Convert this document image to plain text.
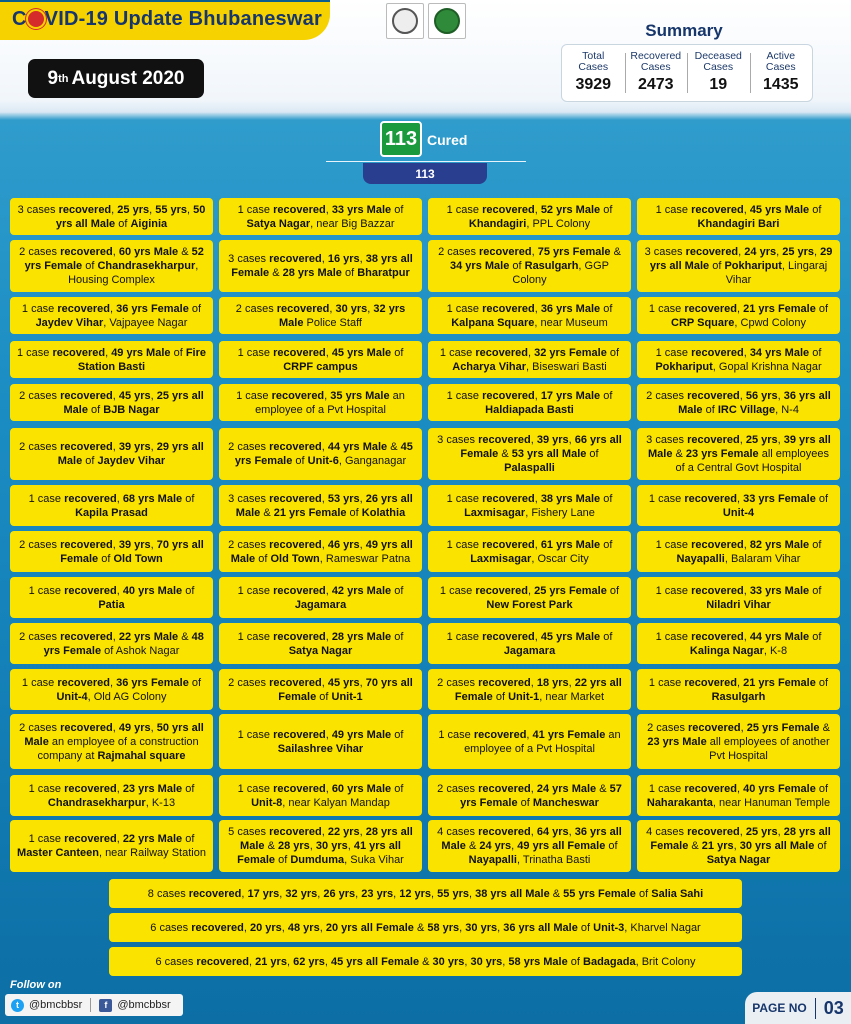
C VID-19 Update Bhubaneswar
9 th August 2020
Summary
Total
Cases
3929
Recovered
Cases
2473
Deceased
Cases
19
Active
Cases
1435
113 Cured
113
3 cases recovered, 25 yrs, 55 yrs, 50 yrs all Male of Aiginia
1 case recovered, 33 yrs Male of Satya Nagar, near Big Bazzar
1 case recovered, 52 yrs Male of Khandagiri, PPL Colony
1 case recovered, 45 yrs Male of Khandagiri Bari
2 cases recovered, 60 yrs Male & 52 yrs Female of Chandrasekharpur, Housing Complex
3 cases recovered, 16 yrs, 38 yrs all Female & 28 yrs Male of Bharatpur
2 cases recovered, 75 yrs Female & 34 yrs Male of Rasulgarh, GGP Colony
3 cases recovered, 24 yrs, 25 yrs, 29 yrs all Male of Pokhariput, Lingaraj Vihar
1 case recovered, 36 yrs Female of Jaydev Vihar, Vajpayee Nagar
2 cases recovered, 30 yrs, 32 yrs Male Police Staff
1 case recovered, 36 yrs Male of Kalpana Square, near Museum
1 case recovered, 21 yrs Female of CRP Square, Cpwd Colony
1 case recovered, 49 yrs Male of Fire Station Basti
1 case recovered, 45 yrs Male of CRPF campus
1 case recovered, 32 yrs Female of Acharya Vihar, Biseswari Basti
1 case recovered, 34 yrs Male of Pokhariput, Gopal Krishna Nagar
2 cases recovered, 45 yrs, 25 yrs all Male of BJB Nagar
1 case recovered, 35 yrs Male an employee of a Pvt Hospital
1 case recovered, 17 yrs Male of Haldiapada Basti
2 cases recovered, 56 yrs, 36 yrs all Male of IRC Village, N-4
2 cases recovered, 39 yrs, 29 yrs all Male of Jaydev Vihar
2 cases recovered, 44 yrs Male & 45 yrs Female of Unit-6, Ganganagar
3 cases recovered, 39 yrs, 66 yrs all Female & 53 yrs all Male of Palaspalli
3 cases recovered, 25 yrs, 39 yrs all Male & 23 yrs Female all employees of a Central Govt Hospital
1 case recovered, 68 yrs Male of Kapila Prasad
3 cases recovered, 53 yrs, 26 yrs all Male & 21 yrs Female of Kolathia
1 case recovered, 38 yrs Male of Laxmisagar, Fishery Lane
1 case recovered, 33 yrs Female of Unit-4
2 cases recovered, 39 yrs, 70 yrs all Female of Old Town
2 cases recovered, 46 yrs, 49 yrs all Male of Old Town, Rameswar Patna
1 case recovered, 61 yrs Male of Laxmisagar, Oscar City
1 case recovered, 82 yrs Male of Nayapalli, Balaram Vihar
1 case recovered, 40 yrs Male of Patia
1 case recovered, 42 yrs Male of Jagamara
1 case recovered, 25 yrs Female of New Forest Park
1 case recovered, 33 yrs Male of Niladri Vihar
2 cases recovered, 22 yrs Male & 48 yrs Female of Ashok Nagar
1 case recovered, 28 yrs Male of Satya Nagar
1 case recovered, 45 yrs Male of Jagamara
1 case recovered, 44 yrs Male of Kalinga Nagar, K-8
1 case recovered, 36 yrs Female of Unit-4, Old AG Colony
2 cases recovered, 45 yrs, 70 yrs all Female of Unit-1
2 cases recovered, 18 yrs, 22 yrs all Female of Unit-1, near Market
1 case recovered, 21 yrs Female of Rasulgarh
2 cases recovered, 49 yrs, 50 yrs all Male an employee of a construction company at Rajmahal square
1 case recovered, 49 yrs Male of Sailashree Vihar
1 case recovered, 41 yrs Female an employee of a Pvt Hospital
2 cases recovered, 25 yrs Female & 23 yrs Male all employees of another Pvt Hospital
1 case recovered, 23 yrs Male of Chandrasekharpur, K-13
1 case recovered, 60 yrs Male of Unit-8, near Kalyan Mandap
2 cases recovered, 24 yrs Male & 57 yrs Female of Mancheswar
1 case recovered, 40 yrs Female of Naharakanta, near Hanuman Temple
1 case recovered, 22 yrs Male of Master Canteen, near Railway Station
5 cases recovered, 22 yrs, 28 yrs all Male & 28 yrs, 30 yrs, 41 yrs all Female of Dumduma, Suka Vihar
4 cases recovered, 64 yrs, 36 yrs all Male & 24 yrs, 49 yrs all Female of Nayapalli, Trinatha Basti
4 cases recovered, 25 yrs, 28 yrs all Female & 21 yrs, 30 yrs all Male of Satya Nagar
8 cases recovered, 17 yrs, 32 yrs, 26 yrs, 23 yrs, 12 yrs, 55 yrs, 38 yrs all Male & 55 yrs Female of Salia Sahi
6 cases recovered, 20 yrs, 48 yrs, 20 yrs all Female & 58 yrs, 30 yrs, 36 yrs all Male of Unit-3, Kharvel Nagar
6 cases recovered, 21 yrs, 62 yrs, 45 yrs all Female & 30 yrs, 30 yrs, 58 yrs Male of Badagada, Brit Colony
Follow on
t @bmcbbsr	f @bmcbbsr	PAGE NO 03
